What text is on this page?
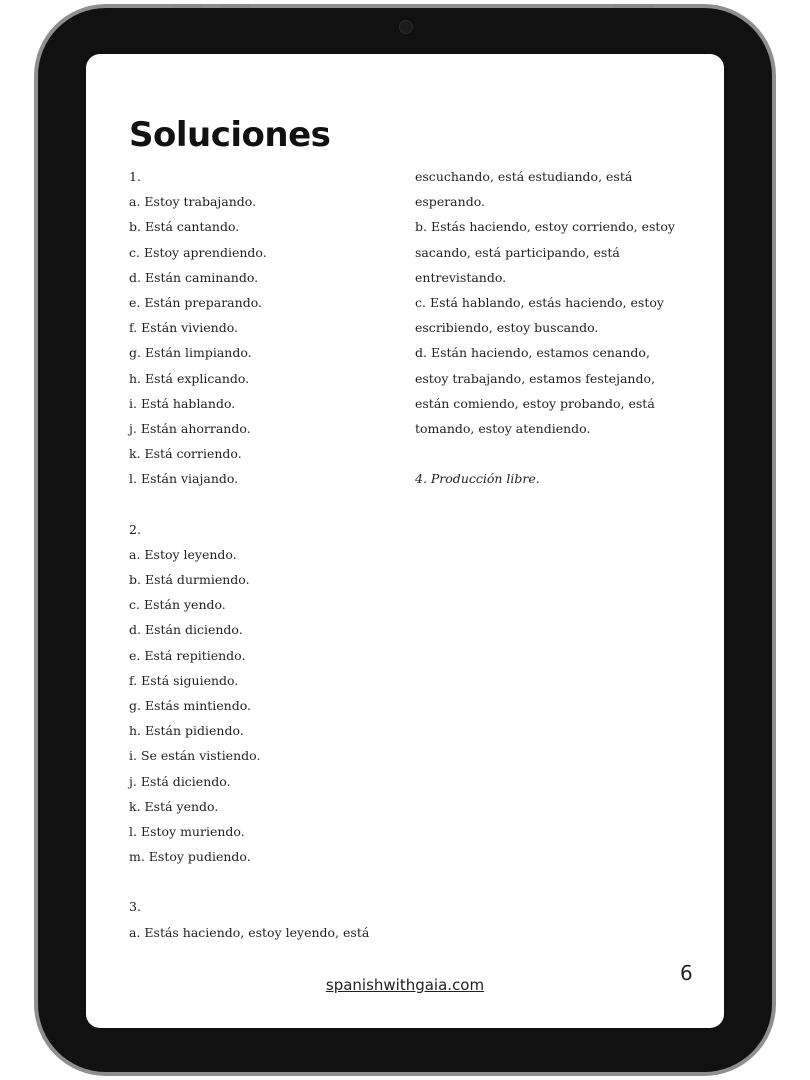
Soluciones
1.
a. Estoy trabajando.
b. Está cantando.
c. Estoy aprendiendo.
d. Están caminando.
e. Están preparando.
f. Están viviendo.
g. Están limpiando.
h. Está explicando.
i. Está hablando.
j. Están ahorrando.
k. Está corriendo.
l. Están viajando.
2.
a. Estoy leyendo.
b. Está durmiendo.
c. Están yendo.
d. Están diciendo.
e. Está repitiendo.
f. Está siguiendo.
g. Estás mintiendo.
h. Están pidiendo.
i. Se están vistiendo.
j. Está diciendo.
k. Está yendo.
l. Estoy muriendo.
m. Estoy pudiendo.
3.
a. Estás haciendo, estoy leyendo, está
escuchando, está estudiando, está
esperando.
b. Estás haciendo, estoy corriendo, estoy
sacando, está participando, está
entrevistando.
c. Está hablando, estás haciendo, estoy
escribiendo, estoy buscando.
d. Están haciendo, estamos cenando,
estoy trabajando, estamos festejando,
están comiendo, estoy probando, está
tomando, estoy atendiendo.
4. Producción libre.
spanishwithgaia.com	6
